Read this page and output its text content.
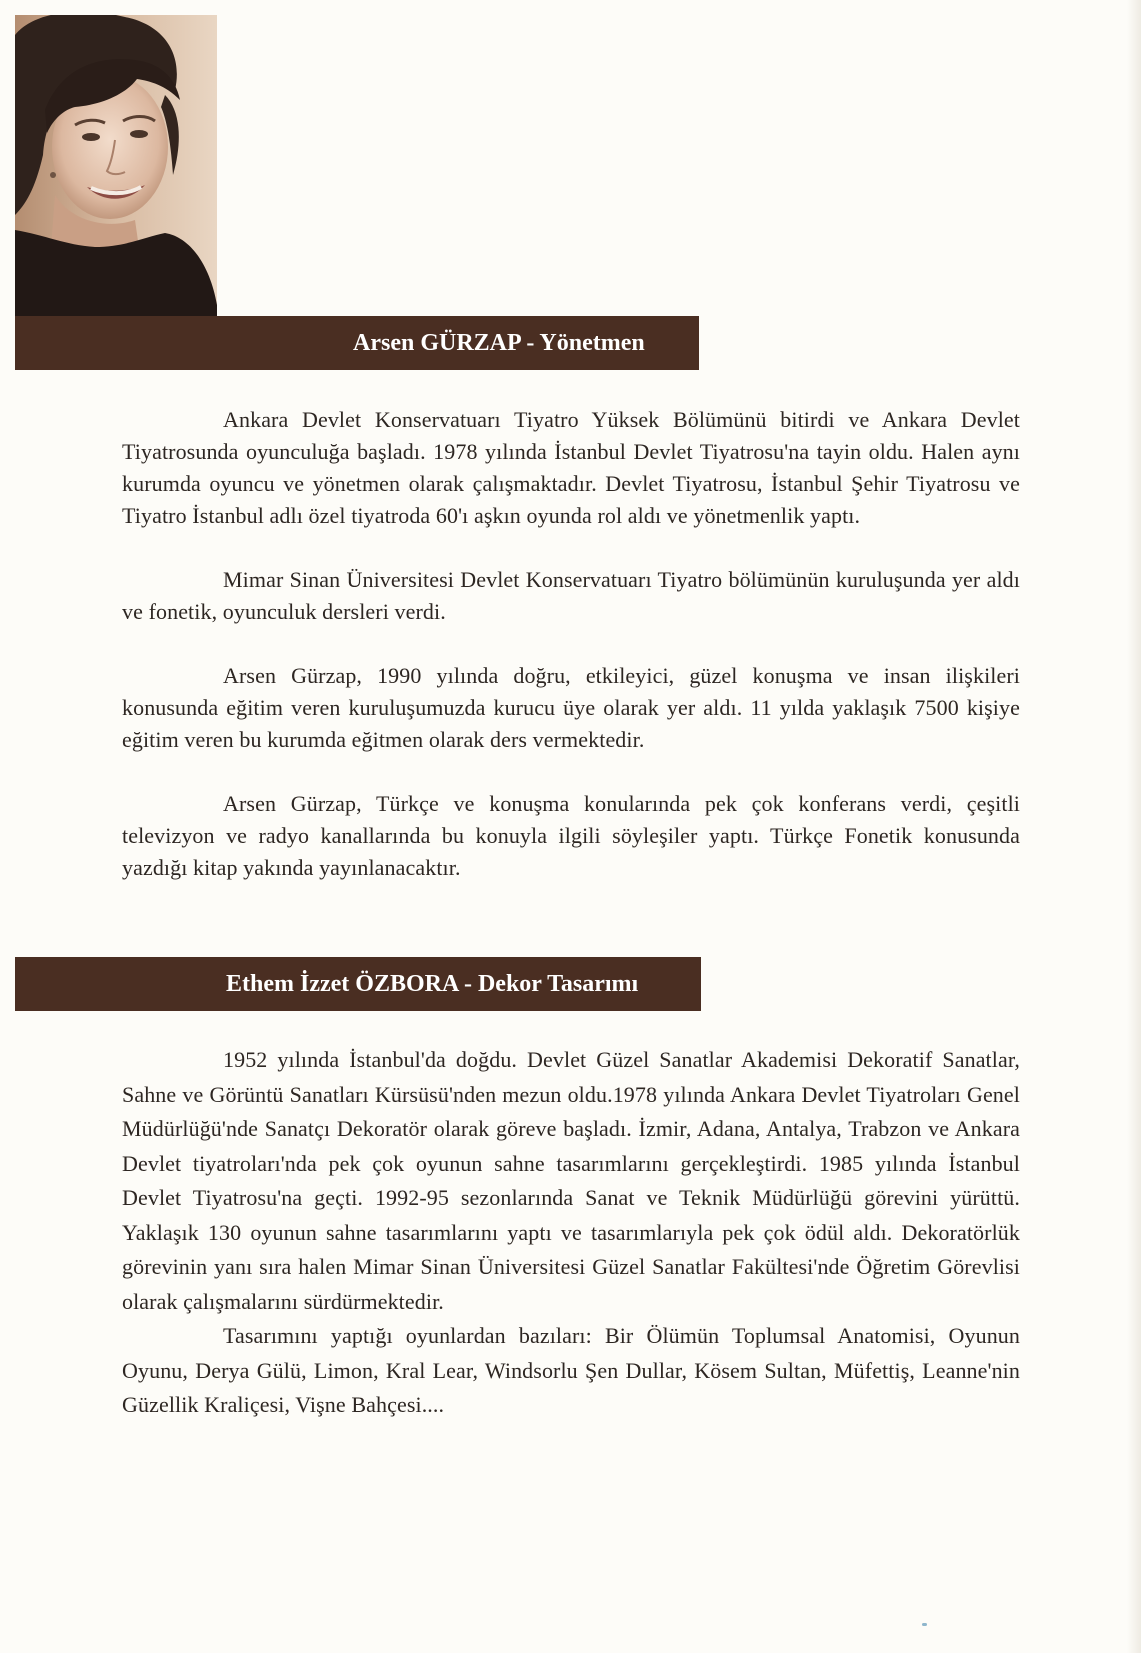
Arsen GÜRZAP - Yönetmen

Ankara Devlet Konservatuarı Tiyatro Yüksek Bölümünü bitirdi ve Ankara Devlet Tiyatrosunda oyunculuğa başladı. 1978 yılında İstanbul Devlet Tiyatrosu'na tayin oldu. Halen aynı kurumda oyuncu ve yönetmen olarak çalışmaktadır. Devlet Tiyatrosu, İstanbul Şehir Tiyatrosu ve Tiyatro İstanbul adlı özel tiyatroda 60'ı aşkın oyunda rol aldı ve yönetmenlik yaptı.

Mimar Sinan Üniversitesi Devlet Konservatuarı Tiyatro bölümünün kuruluşunda yer aldı ve fonetik, oyunculuk dersleri verdi.

Arsen Gürzap, 1990 yılında doğru, etkileyici, güzel konuşma ve insan ilişkileri konusunda eğitim veren kuruluşumuzda kurucu üye olarak yer aldı. 11 yılda yaklaşık 7500 kişiye eğitim veren bu kurumda eğitmen olarak ders vermektedir.

Arsen Gürzap, Türkçe ve konuşma konularında pek çok konferans verdi, çeşitli televizyon ve radyo kanallarında bu konuyla ilgili söyleşiler yaptı. Türkçe Fonetik konusunda yazdığı kitap yakında yayınlanacaktır.

Ethem İzzet ÖZBORA - Dekor Tasarımı

1952 yılında İstanbul'da doğdu. Devlet Güzel Sanatlar Akademisi Dekoratif Sanatlar, Sahne ve Görüntü Sanatları Kürsüsü'nden mezun oldu.1978 yılında Ankara Devlet Tiyatroları Genel Müdürlüğü'nde Sanatçı Dekoratör olarak göreve başladı. İzmir, Adana, Antalya, Trabzon ve Ankara Devlet tiyatroları'nda pek çok oyunun sahne tasarımlarını gerçekleştirdi. 1985 yılında İstanbul Devlet Tiyatrosu'na geçti. 1992-95 sezonlarında Sanat ve Teknik Müdürlüğü görevini yürüttü. Yaklaşık 130 oyunun sahne tasarımlarını yaptı ve tasarımlarıyla pek çok ödül aldı. Dekoratörlük görevinin yanı sıra halen Mimar Sinan Üniversitesi Güzel Sanatlar Fakültesi'nde Öğretim Görevlisi olarak çalışmalarını sürdürmektedir.

Tasarımını yaptığı oyunlardan bazıları: Bir Ölümün Toplumsal Anatomisi, Oyunun Oyunu, Derya Gülü, Limon, Kral Lear, Windsorlu Şen Dullar, Kösem Sultan, Müfettiş, Leanne'nin Güzellik Kraliçesi, Vişne Bahçesi....
